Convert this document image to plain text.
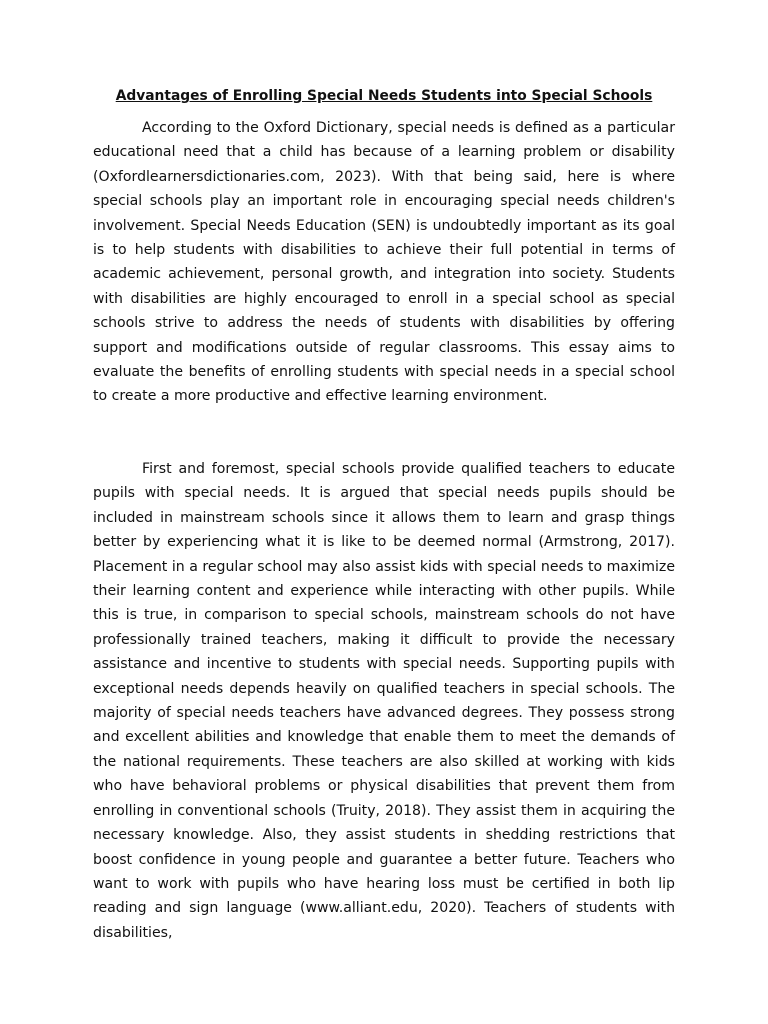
Advantages of Enrolling Special Needs Students into Special Schools

According to the Oxford Dictionary, special needs is defined as a particular educational need that a child has because of a learning problem or disability (Oxfordlearnersdictionaries.com, 2023). With that being said, here is where special schools play an important role in encouraging special needs children's involvement. Special Needs Education (SEN) is undoubtedly important as its goal is to help students with disabilities to achieve their full potential in terms of academic achievement, personal growth, and integration into society. Students with disabilities are highly encouraged to enroll in a special school as special schools strive to address the needs of students with disabilities by offering support and modifications outside of regular classrooms. This essay aims to evaluate the benefits of enrolling students with special needs in a special school to create a more productive and effective learning environment.

First and foremost, special schools provide qualified teachers to educate pupils with special needs. It is argued that special needs pupils should be included in mainstream schools since it allows them to learn and grasp things better by experiencing what it is like to be deemed normal (Armstrong, 2017). Placement in a regular school may also assist kids with special needs to maximize their learning content and experience while interacting with other pupils. While this is true, in comparison to special schools, mainstream schools do not have professionally trained teachers, making it difficult to provide the necessary assistance and incentive to students with special needs. Supporting pupils with exceptional needs depends heavily on qualified teachers in special schools. The majority of special needs teachers have advanced degrees. They possess strong and excellent abilities and knowledge that enable them to meet the demands of the national requirements. These teachers are also skilled at working with kids who have behavioral problems or physical disabilities that prevent them from enrolling in conventional schools (Truity, 2018). They assist them in acquiring the necessary knowledge. Also, they assist students in shedding restrictions that boost confidence in young people and guarantee a better future. Teachers who want to work with pupils who have hearing loss must be certified in both lip reading and sign language (www.alliant.edu, 2020). Teachers of students with disabilities,
